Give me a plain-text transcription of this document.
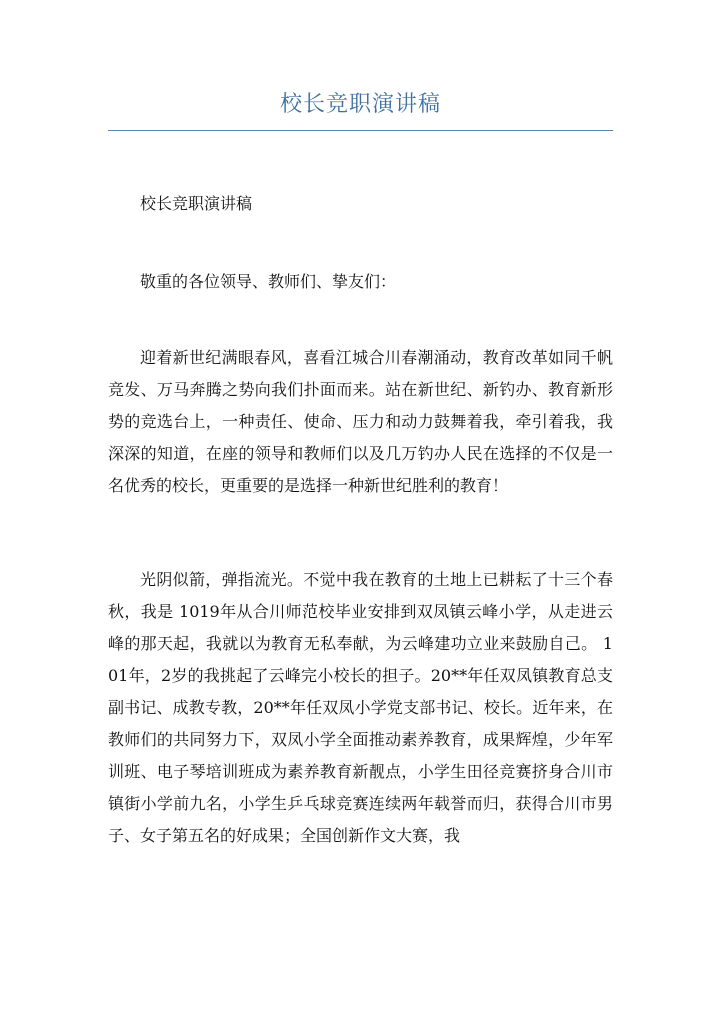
校长竞职演讲稿
校长竞职演讲稿
敬重的各位领导、教师们、挚友们：
迎着新世纪满眼春风，喜看江城合川春潮涌动，教育改革如同千帆竞发、万马奔腾之势向我们扑面而来。站在新世纪、新钓办、教育新形势的竞选台上，一种责任、使命、压力和动力鼓舞着我，牵引着我，我深深的知道，在座的领导和教师们以及几万钓办人民在选择的不仅是一名优秀的校长，更重要的是选择一种新世纪胜利的教育！
光阴似箭，弹指流光。不觉中我在教育的土地上已耕耘了十三个春秋，我是 1019年从合川师范校毕业安排到双凤镇云峰小学，从走进云峰的那天起，我就以为教育无私奉献，为云峰建功立业来鼓励自己。 101年，2岁的我挑起了云峰完小校长的担子。20**年任双凤镇教育总支副书记、成教专教，20**年任双凤小学党支部书记、校长。近年来，在教师们的共同努力下，双凤小学全面推动素养教育，成果辉煌，少年军训班、电子琴培训班成为素养教育新靓点，小学生田径竞赛挤身合川市镇街小学前九名，小学生乒乓球竞赛连续两年载誉而归，获得合川市男子、女子第五名的好成果；全国创新作文大赛，我
